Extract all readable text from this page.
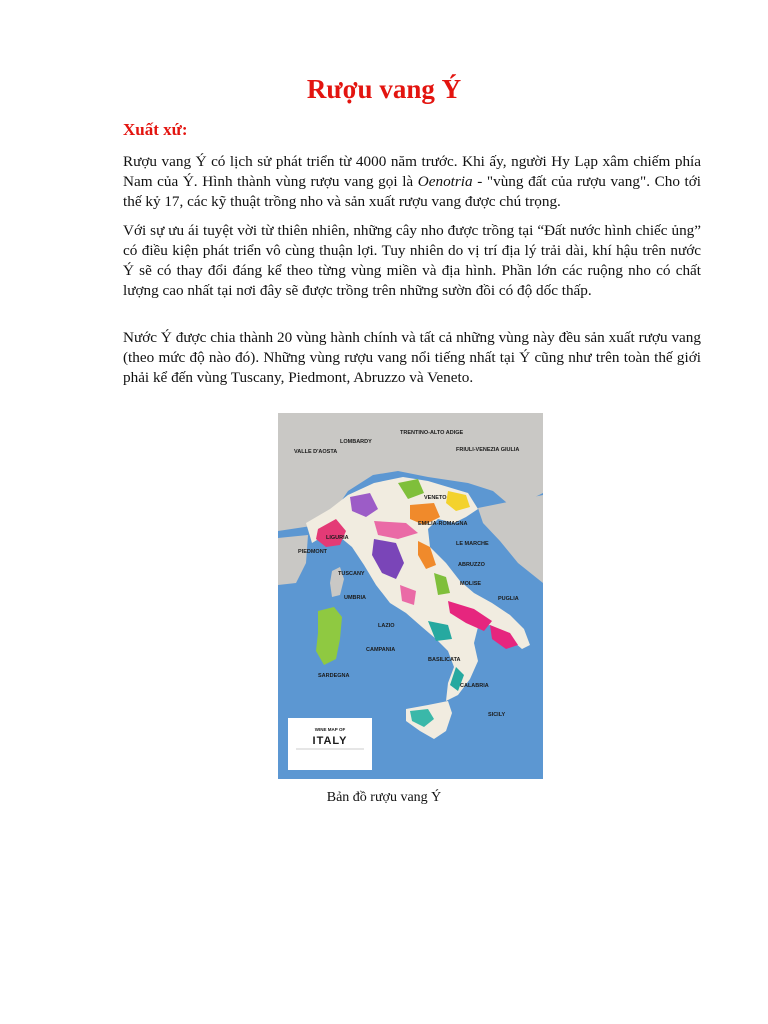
Rượu vang Ý
Xuất xứ:

Rượu vang Ý có lịch sử phát triển từ 4000 năm trước. Khi ấy, người Hy Lạp xâm chiếm phía Nam của Ý. Hình thành vùng rượu vang gọi là Oenotria - "vùng đất của rượu vang". Cho tới thế kỷ 17, các kỹ thuật trồng nho và sản xuất rượu vang được chú trọng.

Với sự ưu ái tuyệt vời từ thiên nhiên, những cây nho được trồng tại “Đất nước hình chiếc ủng” có điều kiện phát triển vô cùng thuận lợi. Tuy nhiên do vị trí địa lý trải dài, khí hậu trên nước Ý sẽ có thay đổi đáng kể theo từng vùng miền và địa hình. Phần lớn các ruộng nho có chất lượng cao nhất tại nơi đây sẽ được trồng trên những sườn đồi có độ dốc thấp.

Nước Ý được chia thành 20 vùng hành chính và tất cả những vùng này đều sản xuất rượu vang (theo mức độ nào đó). Những vùng rượu vang nổi tiếng nhất tại Ý cũng như trên toàn thế giới phải kể đến vùng Tuscany, Piedmont, Abruzzo và Veneto.

WINE MAP OF
ITALY
TRENTINO-ALTO ADIGE
LOMBARDY
FRIULI-VENEZIA GIULIA
VALLE D'AOSTA
VENETO
EMILIA-ROMAGNA
LIGURIA
LE MARCHE
PIEDMONT
ABRUZZO
TUSCANY
MOLISE
UMBRIA	PUGLIA
LAZIO
CAMPANIA
BASILICATA
SARDEGNA
CALABRIA
SICILY
Bản đồ rượu vang Ý
